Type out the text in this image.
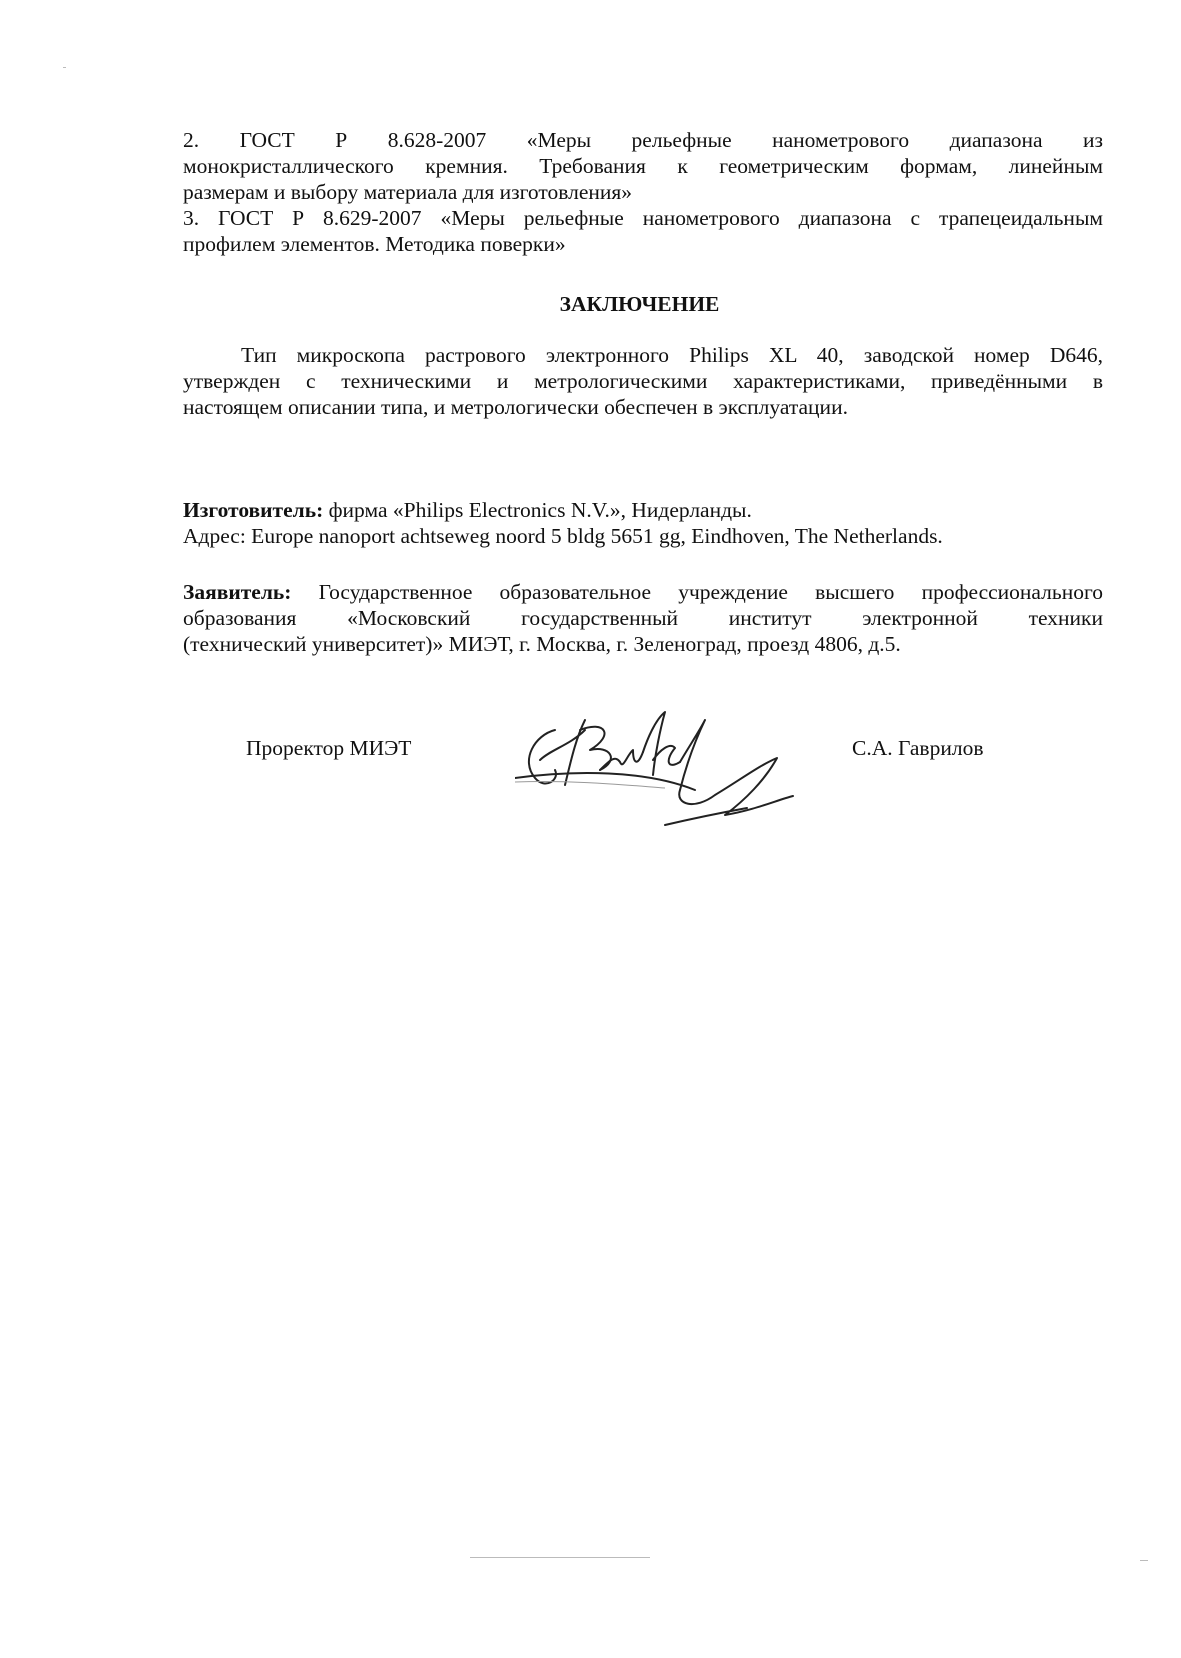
2. ГОСТ Р 8.628-2007 «Меры рельефные нанометрового диапазона из
монокристаллического кремния. Требования к геометрическим формам, линейным
размерам и выбору материала для изготовления»
3. ГОСТ Р 8.629-2007 «Меры рельефные нанометрового диапазона с трапецеидальным
профилем элементов. Методика поверки»
ЗАКЛЮЧЕНИЕ
Тип микроскопа растрового электронного Philips XL 40, заводской номер D646,
утвержден с техническими и метрологическими характеристиками, приведёнными в
настоящем описании типа, и метрологически обеспечен в эксплуатации.
Изготовитель: фирма «Philips Electronics N.V.», Нидерланды.
Адрес: Europe nanoport achtseweg noord 5 bldg 5651 gg, Eindhoven, The Netherlands.
Заявитель: Государственное образовательное учреждение высшего профессионального
образования «Московский государственный институт электронной техники
(технический университет)» МИЭТ, г. Москва, г. Зеленоград, проезд 4806, д.5.
Проректор МИЭТ	С.А. Гаврилов
